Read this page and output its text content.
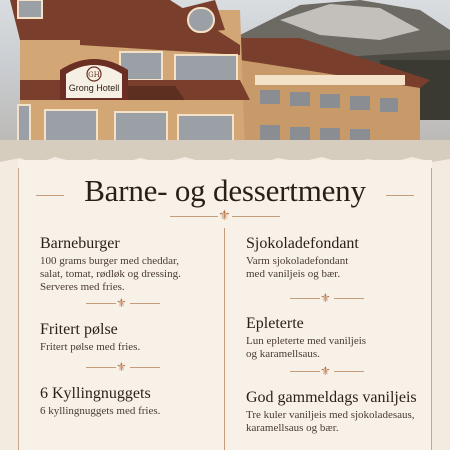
GH
Grong Hotell
Barne- og dessertmeny
⚜
Barneburger
100 grams burger med cheddar,
salat, tomat, rødløk og dressing.
Serveres med fries.
⚜
Fritert pølse
Fritert pølse med fries.
⚜
6 Kyllingnuggets
6 kyllingnuggets med fries.
Sjokoladefondant
Varm sjokoladefondant
med vaniljeis og bær.
⚜
Epleterte
Lun epleterte med vaniljeis
og karamellsaus.
⚜
God gammeldags vaniljeis
Tre kuler vaniljeis med sjokoladesaus,
karamellsaus og bær.
